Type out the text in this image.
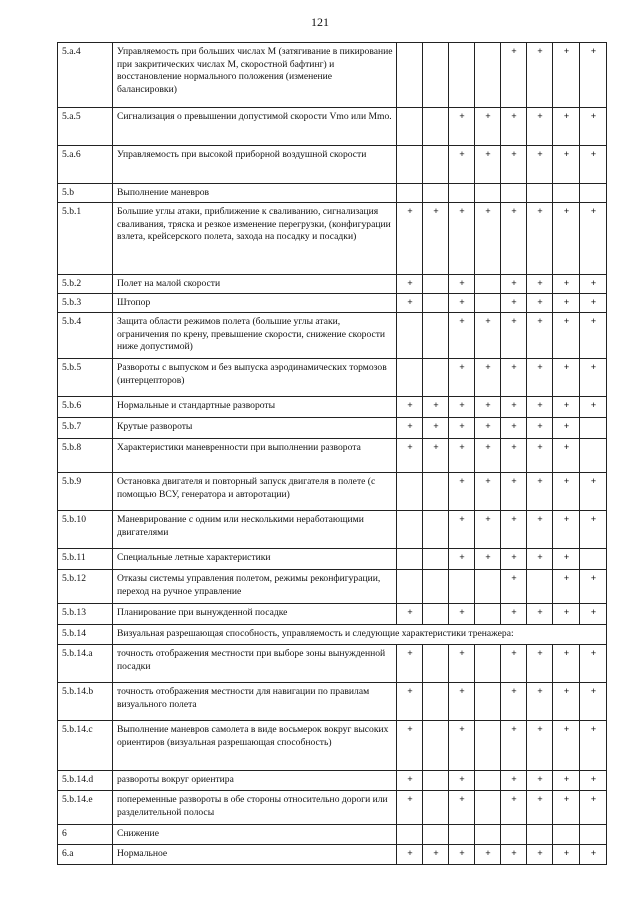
121
5.a.4	Управляемость при больших числах М (затягивание в пикирование при закритических числах М, скоростной бафтинг) и восстановление нормального положения (изменение балансировки)					+	+	+	+
5.a.5	Сигнализация о превышении допустимой скорости Vmo или Mmo.			+	+	+	+	+	+
5.a.6	Управляемость при высокой приборной воздушной скорости			+	+	+	+	+	+
5.b	Выполнение маневров								
5.b.1	Большие углы атаки, приближение к сваливанию, сигнализация сваливания, тряска и резкое изменение перегрузки, (конфигурации взлета, крейсерского полета, захода на посадку и посадки)	+	+	+	+	+	+	+	+
5.b.2	Полет на малой скорости	+		+		+	+	+	+
5.b.3	Штопор	+		+		+	+	+	+
5.b.4	Защита области режимов полета (большие углы атаки, ограничения по крену, превышение скорости, снижение скорости ниже допустимой)			+	+	+	+	+	+
5.b.5	Развороты с выпуском и без выпуска аэродинамических тормозов (интерцепторов)			+	+	+	+	+	+
5.b.6	Нормальные и стандартные развороты	+	+	+	+	+	+	+	+
5.b.7	Крутые развороты	+	+	+	+	+	+	+	
5.b.8	Характеристики маневренности при выполнении разворота	+	+	+	+	+	+	+	
5.b.9	Остановка двигателя и повторный запуск двигателя в полете (с помощью ВСУ, генератора и авторотации)			+	+	+	+	+	+
5.b.10	Маневрирование с одним или несколькими неработающими двигателями			+	+	+	+	+	+
5.b.11	Специальные летные характеристики			+	+	+	+	+	
5.b.12	Отказы системы управления полетом, режимы реконфигурации, переход на ручное управление					+		+	+
5.b.13	Планирование при вынужденной посадке	+		+		+	+	+	+
5.b.14	Визуальная разрешающая способность, управляемость и следующие характеристики тренажера:								
5.b.14.a	точность отображения местности при выборе зоны вынужденной посадки	+		+		+	+	+	+
5.b.14.b	точность отображения местности для навигации по правилам визуального полета	+		+		+	+	+	+
5.b.14.c	Выполнение маневров самолета в виде восьмерок вокруг высоких ориентиров (визуальная разрешающая способность)	+		+		+	+	+	+
5.b.14.d	развороты вокруг ориентира	+		+		+	+	+	+
5.b.14.e	попеременные развороты в обе стороны относительно дороги или разделительной полосы	+		+		+	+	+	+
6	Снижение								
6.a	Нормальное	+	+	+	+	+	+	+	+
